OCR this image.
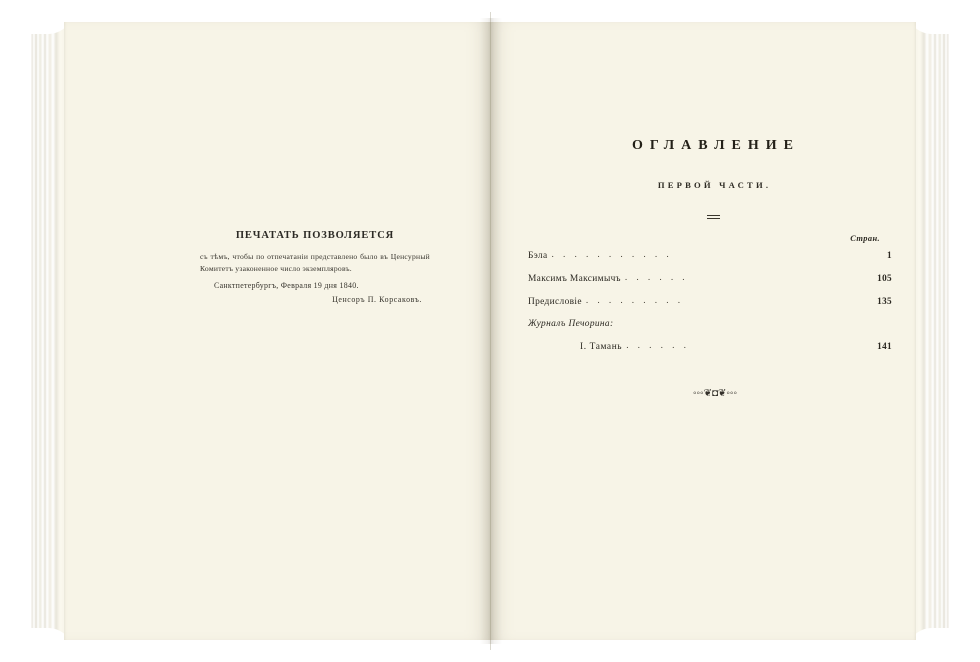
ПЕЧАТАТЬ ПОЗВОЛЯЕТСЯ

съ тѣмъ, чтобы по отпечатаніи представлено было въ Ценсурный Комитетъ узаконенное число экземпляровъ.

Санктпетербургъ, Февраля 19 дня 1840.

Ценсоръ П. Корсаковъ.

ОГЛАВЛЕНИЕ
ПЕРВОЙ ЧАСТИ.
Стран.
Бэла . . . . . . . . . . .	1
Максимъ Максимычъ . . . . . .	105
Предисловіе . . . . . . . . .	135
Журналъ Печорина:
I. Тамань . . . . . .	141
◦◦◦❦◘❦◦◦◦
